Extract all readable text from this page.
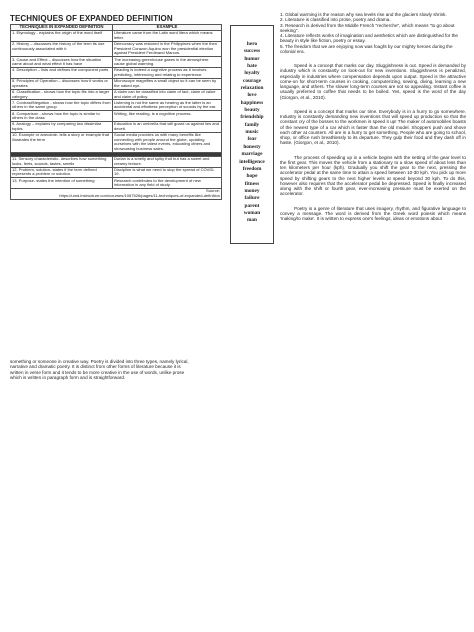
TECHNIQUES OF EXPANDED DEFINITION
TECHNIQUES IN EXPANDED DEFINITION	EXAMPLE
1. Etymology - explains the origin of the word itself	Literature came from the Latin word litera which means letter.
2. History – discusses the history of the term its use continuously associated with it	Democracy was restored in the Philippines when the then President Corazon Aquino won the presidential election against President Ferdinand Marcos.
3. Cause and Effect – discusses how the situation came about and what effect it has have	The increasing greenhouse gases in the atmosphere cause global warming.
4. Description – lists and defines the component parts	Reading is indeed a cognitive process as it involves predicting, inferencing and relating to experience.
5. Principles of Operation – discusses how it works or operates	Microscope magnifies a small object so it can be seen by the naked eye.
6. Classification - shows how the topic fits into a larger category	A claim can be classified into claim of fact, claim of value and claim of policy.
7. Contrast/Negation - shows how the topic differs from others in the same group	Listening is not the same as hearing as the latter is an accidental and effortless perception of sounds by the ear.
8. Comparison - shows how the topic is similar to others in the class	Writing, like reading, is a cognitive process.
9. Analogy – explains by comparing two dissimilar topics	Education is an umbrella that will guard us against lies and deceit.
10. Example or anecdote- tells a story or example that illustrates the term	Social media provides us with many benefits like connecting with people around the globe, updating ourselves with the latest events, educating others and showcasing business sales.

11. Sensory characteristic- describes how something looks, feels, sounds, tastes, smells	Durian is a smelly and spiky fruit but has a sweet and creamy texture.
12. Problem, solution- states if the term defined represents a problem or solution.	Discipline is what we need to stop the spread of COVID-19.
13. Purpose- states the intention of something	Research contributes to the development of new information in any field of study.

Source:
https://umd.instructure.com/courses/1067526/pages/11-techniques-of-expanded-definition	
hero
success
humor
hate
loyalty
courage
relaxation
love
happiness
beauty
friendship
family
music
fear
honesty
marriage
intelligence
freedom
hope
fitness
money
failure
parent
woman
man

1. Global warming is the reason why sea levels rise and the glaciers slowly shrink.

2. Literature is classified into prose, poetry and drama.

3. Research is derived from the Middle French "recherche", which means "to go about seeking".

4. Literature reflects works of imagination and aesthetics which are distinguished for the beauty in style like fiction, poetry or essay.

5. The freedom that we are enjoying now was fought by our mighty heroes during the colonial era.

Speed is a concept that marks our day. Sluggishness is out. Speed is demanded by industry which is constantly on look-out for new inventions. Sluggishness is penalized, especially in industries where compensation depends upon output. Speed is the attractive come-on for short-term courses in cooking, computerizing, sewing, diving, learning a new language, and others. The slower long-term courses are not so appealing. Instant coffee is usually preferred to coffee that needs to be boiled. Yes, speed is the word of the day (Giorgon, et al., 2010).

Speed is a concept that marks our time. Everybody is in a hurry to go somewhere. Industry is constantly demanding new inventions that will speed up production so that the constant cry of the bosses to the workmen is speed it up! The maker of automobiles boasts of the newest type of a car which is faster than the old model. Shoppers push and shove each other at counters. All are in a hurry to get something. People who are going to school, shop, or office rush breathlessly to its departure. They gulp their food and they dash off in haste. (Giorgon, et al., 2010).

The process of speeding up in a vehicle begins with the setting of the gear level to the first gear. This moves the vehicle from a stationary to a slow speed of about less than ten kilometers per hour (kph). Gradually you shift the gear to the next, pressing the accelerator pedal at the same time to attain a speed between 10-30 kph. You pick up more speed by shifting gears to the next higher levels at speed beyond 30 kph. To do this, however also requires that the accelerator pedal be depressed. Speed is finally increased along with the shift or fourth gear, ever-increasing pressure must be exerted on the accelerator.

Poetry is a genre of literature that uses imagery, rhythm, and figurative language to convey a message. The word is derived from the Greek word poiesis which means 'making/to make'. It is written to express one's feelings, ideas or emotions about

something or someone in creative way. Poetry is divided into three types, namely lyrical,

narrative and dramatic poetry. It is distinct from other forms of literature because it is

written in verse form and it tends to be more creative in the use of words, unlike prose

which is written in paragraph form and is straightforward.
